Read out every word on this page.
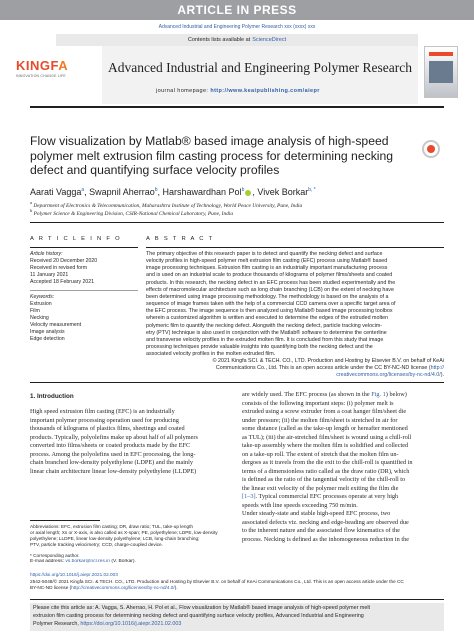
ARTICLE IN PRESS
Advanced Industrial and Engineering Polymer Research xxx (xxxx) xxx
Contents lists available at ScienceDirect
KINGFA
INNOVATION CHANGE LIFE
Advanced Industrial and Engineering Polymer Research
journal homepage: http://www.keaipublishing.com/aiepr
Flow visualization by Matlab® based image analysis of high-speed
polymer melt extrusion film casting process for determining necking
defect and quantifying surface velocity profiles
Aarati Vagga$^a$, Swapnil Aherrao$^b$, Harshawardhan Pol$^b$ , Vivek Borkar$^{b, *}$
$^a$ Department of Electronics & Telecommunication, Maharashtra Institute of Technology, World Peace University, Pune, India
$^b$ Polymer Science & Engineering Division, CSIR-National Chemical Laboratory, Pune, India
A R T I C L E I N F O	A B S T R A C T
Article history:
Received 20 December 2020
Received in revised form
11 January 2021
Accepted 18 February 2021
Keywords:
Extrusion
Film
Necking
Velocity measurement
Image analysis
Edge detection
The primary objective of this research paper is to detect and quantify the necking defect and surface
velocity profiles in high-speed polymer melt extrusion film casting (EFC) process using Matlab® based
image processing techniques. Extrusion film casting is an industrially important manufacturing process
and is used on an industrial scale to produce thousands of kilograms of polymer films/sheets and coated
products. In this research, the necking defect in an EFC process has been studied experimentally and the
effects of macromolecular architecture such as long chain branching (LCB) on the extent of necking have
been determined using image processing methodology. The methodology is based on the analysis of a
sequence of image frames taken with the help of a commercial CCD camera over a specific target area of
the EFC process. The image sequence is then analyzed using Matlab® based image processing toolbox
wherein a customized algorithm is written and executed to determine the edges of the extruded molten
polymeric film to quantify the necking defect. Alongwith the necking defect, particle tracking velocim-
etry (PTV) technique is also used in conjunction with the Matlab® software to determine the centerline
and transverse velocity profiles in the extruded molten film. It is concluded from this study that image
processing techniques provide valuable insights into quantifying both the necking defect and the
associated velocity profiles in the molten extruded film.
© 2021 Kingfa SCI. & TECH. CO., LTD. Production and Hosting by Elsevier B.V. on behalf of KeAi
Communications Co., Ltd. This is an open access article under the CC BY-NC-ND license (http://
creativecommons.org/licenses/by-nc-nd/4.0/).
1. Introduction
High speed extrusion film casting (EFC) is an industrially
important polymer processing operation used for producing
thousands of kilograms of plastics films, sheetings and coated
products. Typically, polyolefins make up about half of all polymers
converted into films/sheets or coated products made by the EFC
process. Among the polyolefins used in EFC processing, the long-
chain branched low-density polyethylene (LDPE) and the mainly
linear chain architecture linear low-density polyethylene (LLDPE)
are widely used. The EFC process (as shown in the Fig. 1) below)
consists of the following important steps: (i) polymer melt is
extruded using a screw extruder from a coat hanger film/sheet die
under pressure; (ii) the molten film/sheet is stretched in air for
some distance (called as the take-up length or hereafter mentioned
as TUL); (iii) the air-stretched film/sheet is wound using a chill-roll
take-up assembly where the molten film is solidified and collected
on a take-up roll. The extent of stretch that the molten film un-
dergoes as it travels from the die exit to the chill-roll is quantified in
terms of a dimensionless ratio called as the draw ratio (DR), which
is defined as the ratio of the tangential velocity of the chill-roll to
the linear exit velocity of the polymer melt exiting the film die
[1–3]. Typical commercial EFC processes operate at very high
speeds with line speeds exceeding 750 m/min.
Under steady-state and stable high-speed EFC process, two
associated defects viz. necking and edge-beading are observed due
to the inherent nature and the associated flow kinematics of the
process. Necking is defined as the inhomogeneous reduction in the
Abbreviations: EFC, extrusion film casting; DR, draw ratio; TUL, take-up length
or axial length; Xs or X-axis, is also called as X-span; PE, polyethylene; LDPE, low-density
polyethylene; LLDPE, linear low-density polyethylene; LCB, long-chain branching;
PTV, particle tracking velocimetry; CCD, charge-coupled device.
* Corresponding author.
E-mail address: vs.borkar@ncl.res.in (V. Borkar).
https://doi.org/10.1016/j.aiepr.2021.02.003
2542-5048/© 2021 Kingfa SCI. & TECH. CO., LTD. Production and Hosting by Elsevier B.V. on behalf of KeAi Communications Co., Ltd. This is an open access article under the CC
BY-NC-ND license (http://creativecommons.org/licenses/by-nc-nd/4.0/).
Please cite this article as: A. Vagga, S. Aherrao, H. Pol et al., Flow visualization by Matlab® based image analysis of high-speed polymer melt
extrusion film casting process for determining necking defect and quantifying surface velocity profiles, Advanced Industrial and Engineering
Polymer Research, https://doi.org/10.1016/j.aiepr.2021.02.003
